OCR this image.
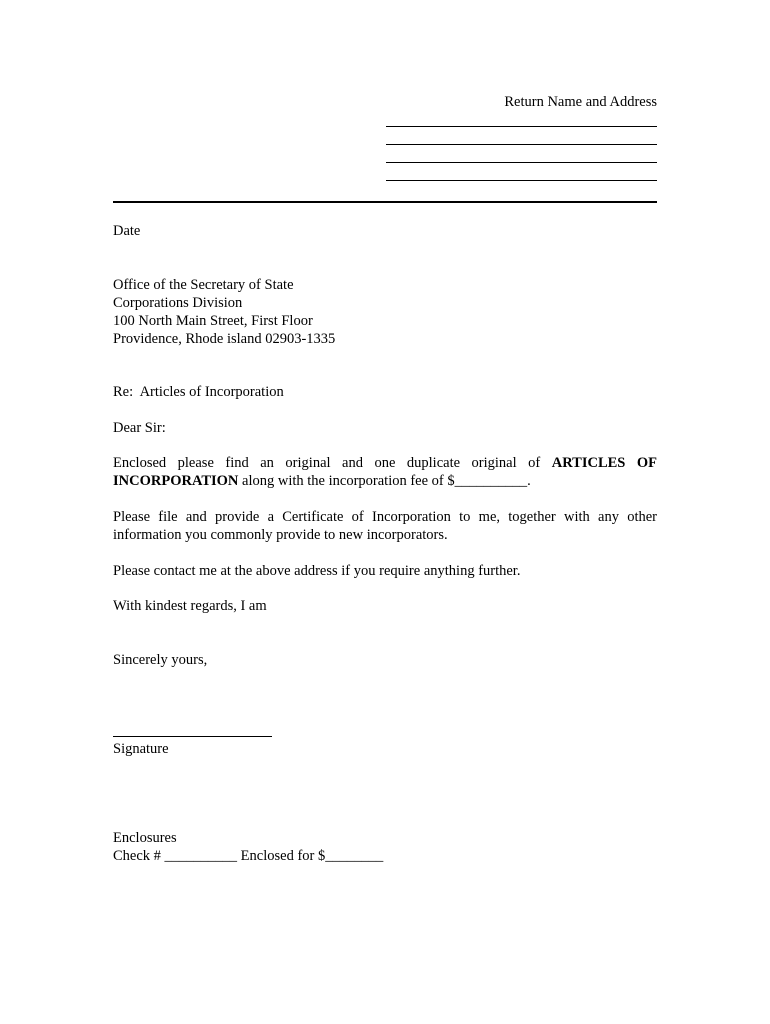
Return Name and Address
Date
Office of the Secretary of State
Corporations Division
100 North Main Street, First Floor
Providence, Rhode island 02903-1335
Re:  Articles of Incorporation
Dear Sir:
Enclosed please find an original and one duplicate original of ARTICLES OF INCORPORATION along with the incorporation fee of $__________.
Please file and provide a Certificate of Incorporation to me, together with any other information you commonly provide to new incorporators.
Please contact me at the above address if you require anything further.
With kindest regards, I am
Sincerely yours,
Signature
Enclosures
Check # __________ Enclosed for $________
